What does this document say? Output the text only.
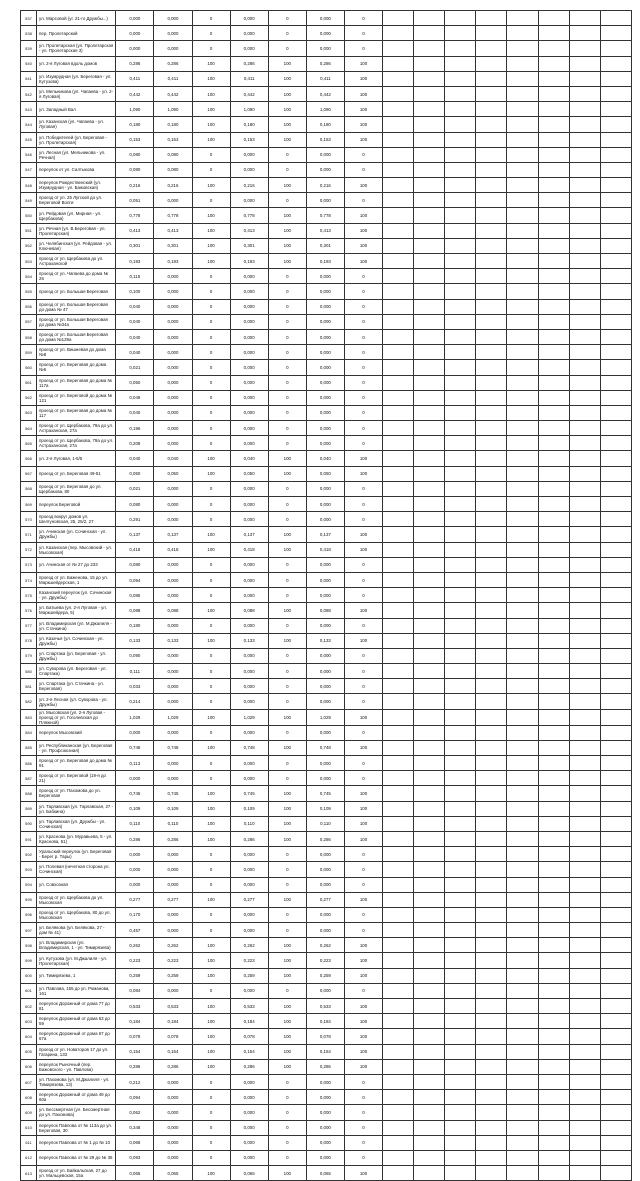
537	ул. Марсовой (уг. 21-го Дружбы...)	0,000	0,000	0	0,000	0	0,000	0								
538	пер. Пролетарский	0,000	0,000	0	0,000	0	0,000	0								
539	ул. Пролетарская (ул. Пролетарская - ул. Пролетарская 3)	0,000	0,000	0	0,000	0	0,000	0								
540	ул. 2-я Луговая вдоль домов	0,286	0,286	100	0,286	100	0,286	100								
541	ул. Изумрудная (ул. Береговая - ул. Кутузова)	0,411	0,411	100	0,411	100	0,411	100								
542	ул. Мельникова (ул. Чапаева - ул. 2-я Луговая)	0,442	0,442	100	0,442	100	0,442	100								
543	ул. Западный Вал	1,090	1,090	100	1,090	100	1,090	100								
544	ул. Казанская (ул. Чапаева - ул. Луговая)	0,180	0,180	100	0,180	100	0,180	100								
545	ул. Победителей (ул. Береговая - ул. Пролетарская)	0,153	0,153	100	0,153	100	0,153	100								
546	ул. Лесная (ул. Мельникова - ул. Речная)	0,080	0,080	0	0,000	0	0,000	0								
547	переулок от ул. Салтыкова	0,080	0,080	0	0,000	0	0,000	0								
548	переулок Рождественский (ул. Изумрудная - ул. Бажовская)	0,216	0,216	100	0,216	100	0,216	100								
549	проезд от ул. 25 Лугской до ул. Береговой Волги	0,051	0,000	0	0,000	0	0,000	0								
550	ул. Рейдовая (ул. Мирная - ул. Щербакова)	0,778	0,778	100	0,778	100	0,778	100								
551	ул. Речная (ул. В.Береговая - ул. Пролетарская)	0,413	0,413	100	0,413	100	0,413	100								
552	ул. Челябинская (ул. Рейдовая - ул. Ключевая)	0,301	0,301	100	0,301	100	0,301	100								
553	проезд от ул. Щербакова до ул. Астраханской	0,193	0,193	100	0,193	100	0,193	100								
554	проезд от ул. Чапаева до дома № 26	0,115	0,000	0	0,000	0	0,000	0								
555	проезд от ул. Большая Береговая	0,100	0,000	0	0,000	0	0,000	0								
556	проезд от ул. Большая Береговая до дома № 47	0,040	0,000	0	0,000	0	0,000	0								
557	проезд от ул. Большая Береговая до дома №34а	0,040	0,000	0	0,000	0	0,000	0								
558	проезд от ул. Большая Береговая до дома №129а	0,040	0,000	0	0,000	0	0,000	0								
559	проезд от ул. Вишневая до дома №8	0,040	0,000	0	0,000	0	0,000	0								
560	проезд от ул. Береговая до дома №6	0,021	0,000	0	0,000	0	0,000	0								
561	проезд от ул. Береговая до дома № 117а	0,050	0,000	0	0,000	0	0,000	0								
562	проезд от ул. Береговой до дома № 121	0,049	0,000	0	0,000	0	0,000	0								
563	проезд от ул. Береговая до дома № 117	0,040	0,000	0	0,000	0	0,000	0								
564	проезд от ул. Щербакова, 79а до ул. Астраханская, 27а	0,196	0,000	0	0,000	0	0,000	0								
565	проезд от ул. Щербакова, 79а до ул. Астраханская, 27а	0,208	0,000	0	0,000	0	0,000	0								
566	ул. 2-я Луговая, 1-5/5	0,040	0,040	100	0,040	100	0,040	100								
567	проезд от ул. Береговая 49-51	0,050	0,050	100	0,050	100	0,050	100								
568	проезд от ул. Береговая до ул. Щербакова, 80	0,021	0,000	0	0,000	0	0,000	0								
569	переулок Береговой	0,080	0,000	0	0,000	0	0,000	0								
570	проезд вокруг домов ул. Шелгуновская, 25, 25/2, 27	0,291	0,000	0	0,000	0	0,000	0								
571	ул. Ачинская (ул. Сочинская - ул. Дружбы)	0,137	0,137	100	0,137	100	0,137	100								
572	ул. Казанская (пер. Мысовский - ул. Мысовская)	0,418	0,418	100	0,418	100	0,418	100								
573	ул. Ачинская от № 27 до 233	0,080	0,000	0	0,000	0	0,000	0								
574	проезд от ул. Баженова, 15 до ул. Маркшейдерская, 1	0,094	0,000	0	0,000	0	0,000	0								
575	Казанский переулок (ул. Сочинская - ул. Дружбы)	0,085	0,000	0	0,000	0	0,000	0								
576	ул. Батыева (ул. 2-я Луговая - ул. Маркшейдера, 5)	0,088	0,088	100	0,088	100	0,088	100								
577	ул. Владимирская (ул. М.Джалиля - ул. Стачкина)	0,180	0,000	0	0,000	0	0,000	0								
578	ул. Казачья (ул. Сочинская - ул. Дружбы)	0,133	0,133	100	0,133	100	0,133	100								
579	ул. Спартака (ул. Береговая - ул. Дружбы)	0,090	0,000	0	0,000	0	0,000	0								
580	ул. Суворова (ул. Береговая - ул. Спартака)	0,111	0,000	0	0,000	0	0,000	0								
581	ул. Спартака (ул. Стачкина - ул. Береговая)	0,033	0,000	0	0,000	0	0,000	0								
582	ул. 2-я Лесная (ул. Суворова - ул. Дружбы)	0,214	0,000	0	0,000	0	0,000	0								
583	ул. Мысовская (ул. 2-я Луговая - проезд от ул. Гоголевская до Пляжной)	1,029	1,029	100	1,029	100	1,029	100								
584	переулок Мысовский	0,000	0,000	0	0,000	0	0,000	0								
585	ул. Республиканская (ул. Береговая - ул. Профсоюзная)	0,748	0,748	100	0,748	100	0,748	100								
586	проезд от ул. Береговая до дома № 91	0,113	0,000	0	0,000	0	0,000	0								
587	проезд от ул. Береговой (19-я до 21)	0,000	0,000	0	0,000	0	0,000	0								
588	проезд от ул. Пахомова до ул. Береговая	0,745	0,745	100	0,745	100	0,745	100								
589	ул. Тарлавская (ул. Тарлавская, 27 - ул. Бабкина)	0,109	0,109	100	0,109	100	0,109	100								
590	ул. Тарлавская (ул. Дружбы - ул. Сочинская)	0,110	0,110	100	0,110	100	0,110	100								
591	ул. Краснова (ул. Муравьева, 5 - ул. Краснова, 51)	0,286	0,286	100	0,286	100	0,286	100								
592	Уральский переулок (ул. Береговая - Берег р. Тары)	0,000	0,000	0	0,000	0	0,000	0								
593	ул. Полевая (нечетная сторона ул. Сочинская)	0,000	0,000	0	0,000	0	0,000	0								
594	ул. Совхозная	0,000	0,000	0	0,000	0	0,000	0								
595	проезд от ул. Щербакова до ул. Мысовская	0,277	0,277	100	0,277	100	0,277	100								
596	проезд от ул. Щербакова, 80 до ул. Мысовская	0,170	0,000	0	0,000	0	0,000	0								
597	ул. Белякова (ул. Белякова, 27 - дом № 41)	0,457	0,000	0	0,000	0	0,000	0								
598	ул. Владимирская (ул. Владимирская, 1 - ул. Тимирязева)	0,262	0,262	100	0,262	100	0,262	100								
599	ул. Кутузова (ул. М.Джалиля - ул. Пролетарская)	0,223	0,223	100	0,223	100	0,223	100								
600	ул. Тимирязева, 1	0,259	0,259	100	0,259	100	0,259	100								
601	ул. Павлова, 155 до ул. Романова, 161	0,084	0,000	0	0,000	0	0,000	0								
602	переулок Дорожный от дома 77 до 81	0,533	0,533	100	0,533	100	0,533	100								
603	переулок Дорожный от дома 53 до 59	0,184	0,184	100	0,184	100	0,184	100								
604	переулок Дорожный от дома 67 до 67а	0,078	0,078	100	0,078	100	0,078	100								
605	проезд от ул. Новаторов 17 до ул. Гагарина, 133	0,154	0,154	100	0,154	100	0,154	100								
606	переулок Рыночный (пер. Бажовского - ул. Павлова)	0,286	0,286	100	0,286	100	0,286	100								
607	ул. Пахомова (ул. М.Джалиля - ул. Тимирязева, 13)	0,212	0,000	0	0,000	0	0,000	0								
608	переулок Дорожный от дома 49 до 60а	0,094	0,000	0	0,000	0	0,000	0								
609	ул. Бессмертная (ул. Бессмертная до ул. Пахомова)	0,062	0,000	0	0,000	0	0,000	0								
610	переулок Павлова от № 113а до ул. Береговая, 30	0,348	0,000	0	0,000	0	0,000	0								
611	переулок Павлова от № 1 до № 10	0,068	0,000	0	0,000	0	0,000	0								
612	переулок Павлова от № 29 до № 35	0,093	0,000	0	0,000	0	0,000	0								
613	проезд от ул. Байкальская, 27 до ул. Мальцевская, 15а	0,065	0,065	100	0,065	100	0,065	100								
